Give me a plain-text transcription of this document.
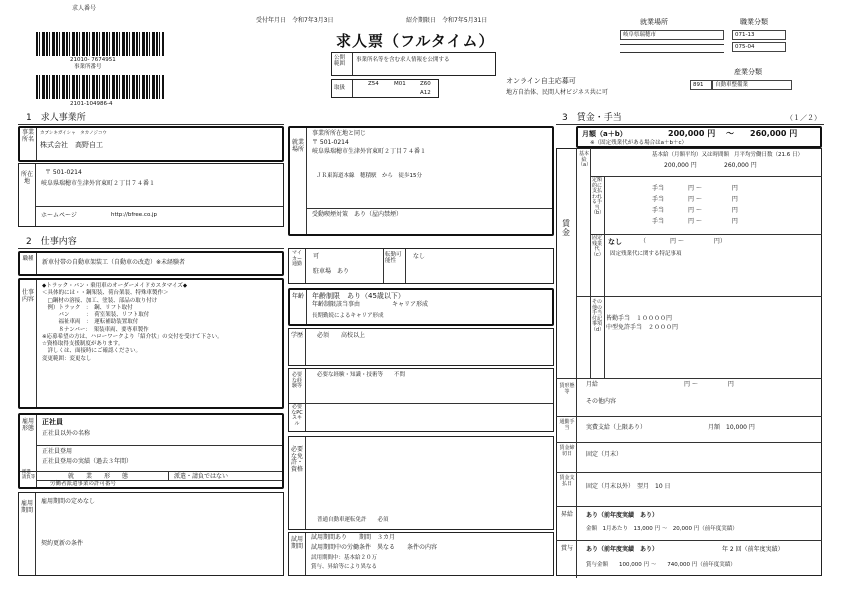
求人番号
21010- 7674951
事業所番号
2101-104986-4
受付年月日　令和7年3月3日	紹介期限日　令和7年5月31日
求人票（フルタイム）
公開範囲
事業所名等を含む求人情報を公開する
取扱
Z54	M01	Z60
A12
オンライン自主応募可
地方自治体、民間人材ビジネス共に可
就業場所
岐阜県瑞穂市
職業分類
071-13
075-04
産業分類
891	自動車整備業
1　求人事業所
事業所名
カブシキガイシャ　タカノジコウ
株式会社　高野自工
所在地
〒 501-0214
岐阜県瑞穂市生津外宮東町２丁目７４番１
ホームページ	http://bfree.co.jp
2　仕事内容
職種 新車付帯の自動車架装工（自動車の改造）※未経験者
仕事内容
◆トラック・バン・乗用車のオーダーメイドカスタマイズ◆
＜具体的には・・鋼架装、荷台架装、特殊車製作＞
　□鋼材の溶接、加工、塗装、部品の取り付け
　例）トラック　：　鋼、リフト取付
　　　バン　　　：　荷室架装、リフト取付
　　　福祉車両　：　運転補助装置取付
　　　８ナンバー：　架装車両、要専車製作
※応募希望の方は、ハローワークより「紹介状」の交付を受けて下さい。
☆資格取得支援制度があります。
　詳しくは、面接時にご確認ください。
変更範囲：変更なし
雇用形態
正社員
正社員以外の名称
正社員登用
正社員登用の実績（過去３年間）
派遣・請負等	就　　業　　形　　態	派遣・請負ではない
労働者派遣事業の許可番号
雇用期間
雇用期間の定めなし
契約更新の条件
就業場所
事業所所在地と同じ
〒 501-0214
岐阜県瑞穂市生津外宮東町２丁目７４番１
ＪＲ東海道本線　穂積駅　から　徒歩15分
受動喫煙対策　あり（屋内禁煙）
マイカー通勤
可
駐車場　あり
転勤可能性
なし
年齢 年齢制限　あり（45歳以下）
年齢制限該当事由	キャリア形成
長期勤続によるキャリア形成
学歴 必須　　高校以上
必要な経験等
必要な経験・知識・技術等　　不問
必要なPCスキル
必要な免許・資格
普通自動車運転免許　　必須
試用期間
試用期間あり　　期間　３カ月
試用期間中の労働条件　異なる　　条件の内容
試用期間中：基本給２０万
賞与、昇給等により異なる
3　賃金・手当	（１／２）
月額（a＋b）	200,000 円 〜 260,000 円
※（固定残業代がある場合はa＋b＋c）
賃金
基本給（a）
基本給（月額平均）又は時間額 月平均労働日数（21.6 日）
200,000 円	260,000 円
定額的に支払われる手当（b）
手当　　　　円 〜　　　　　円
手当　　　　円 〜　　　　　円
手当　　　　円 〜　　　　　円
手当　　　　円 〜　　　　　円
固定残業代（c）
なし	（　　　　円 〜　　　　　円）
固定残業代に関する特記事項
その他の手当付記事項（d）
皆勤手当　１００００円
中型免許手当　２０００円
賃形態等
月給	円 〜　　　　　円
その他内容
通勤手当	実費支給（上限あり）	月額　10,000 円
賃金締切日	固定（月末）
賃金支払日	固定（月末以外）　翌月　10 日
昇給 あり（前年度実績　あり）
金額　1月あたり　13,000 円 〜　20,000 円（前年度実績）
賞与 あり（前年度実績　あり）	年 2 回（前年度実績）
賞与金額　　100,000 円 〜　　740,000 円（前年度実績）
